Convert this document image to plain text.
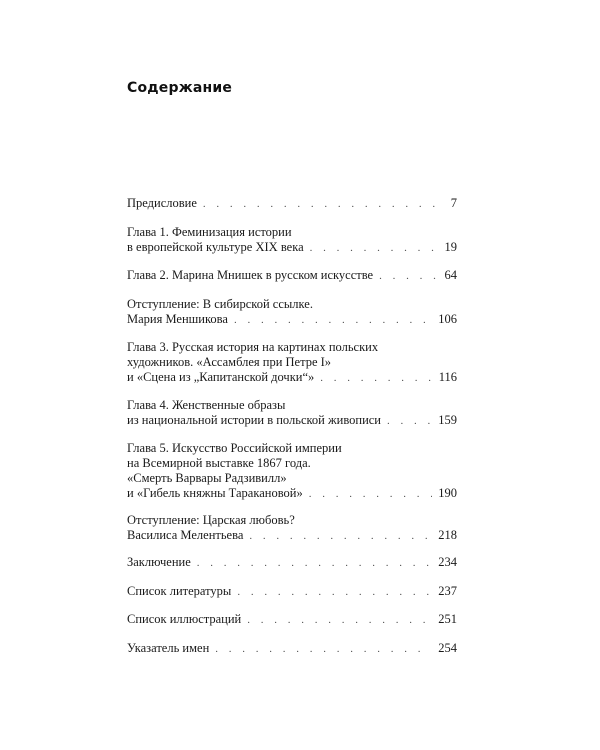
Содержание
Предисловие . . .	7
Глава 1. Феминизация истории
в европейской культуре XIX века . . .	19
Глава 2. Марина Мнишек в русском искусстве . . .	64
Отступление: В сибирской ссылке.
Мария Меншикова . . .	106
Глава 3. Русская история на картинах польских
художников. «Ассамблея при Петре I»
и «Сцена из „Капитанской дочки“» . . .	116
Глава 4. Женственные образы
из национальной истории в польской живописи . . .	159
Глава 5. Искусство Российской империи
на Всемирной выставке 1867 года.
«Смерть Варвары Радзивилл»
и «Гибель княжны Таракановой» . . .	190
Отступление: Царская любовь?
Василиса Мелентьева . . .	218
Заключение . . .	234
Список литературы . . .	237
Список иллюстраций . . .	251
Указатель имен . . .	254
